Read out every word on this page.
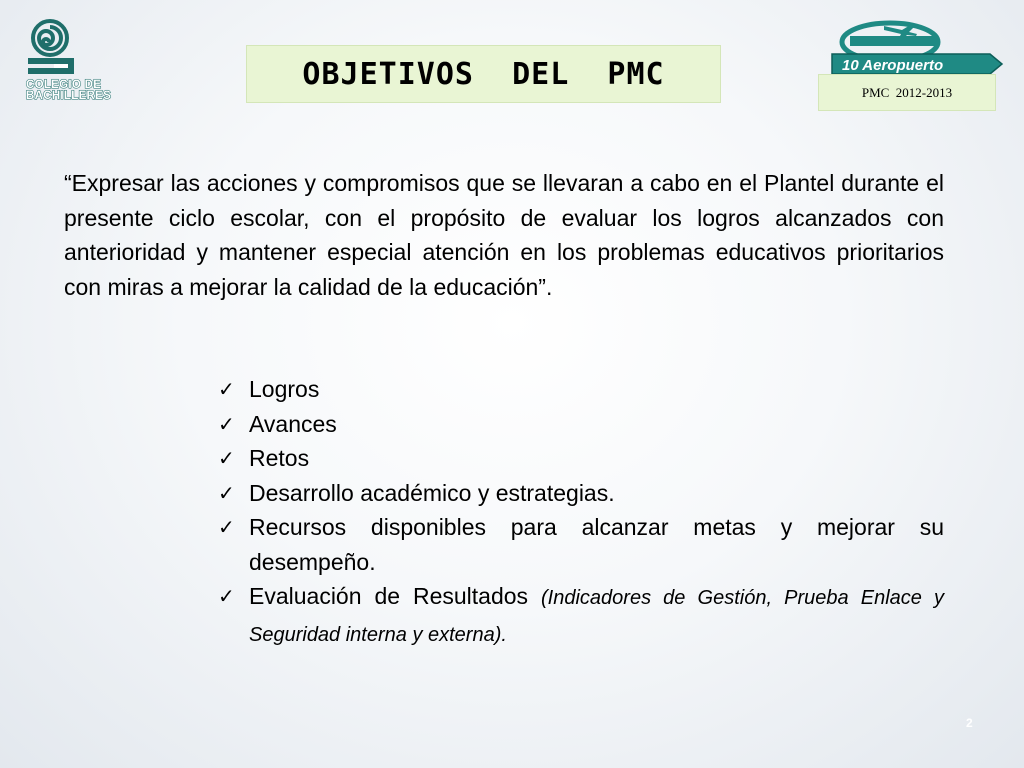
COLEGIO DE
BACHILLERES
OBJETIVOS  DEL  PMC	10 Aeropuerto
PMC  2012-2013
“Expresar las acciones y compromisos que se llevaran a cabo en el Plantel durante el presente ciclo escolar, con el propósito de evaluar los logros alcanzados con anterioridad y mantener especial atención en los problemas educativos prioritarios con miras a mejorar la calidad de la educación”.
✓ Logros
✓ Avances
✓ Retos
✓ Desarrollo académico y estrategias.
✓ Recursos disponibles para alcanzar metas y mejorar su desempeño.
✓ Evaluación de Resultados (Indicadores de Gestión, Prueba Enlace y Seguridad interna y externa).
2
